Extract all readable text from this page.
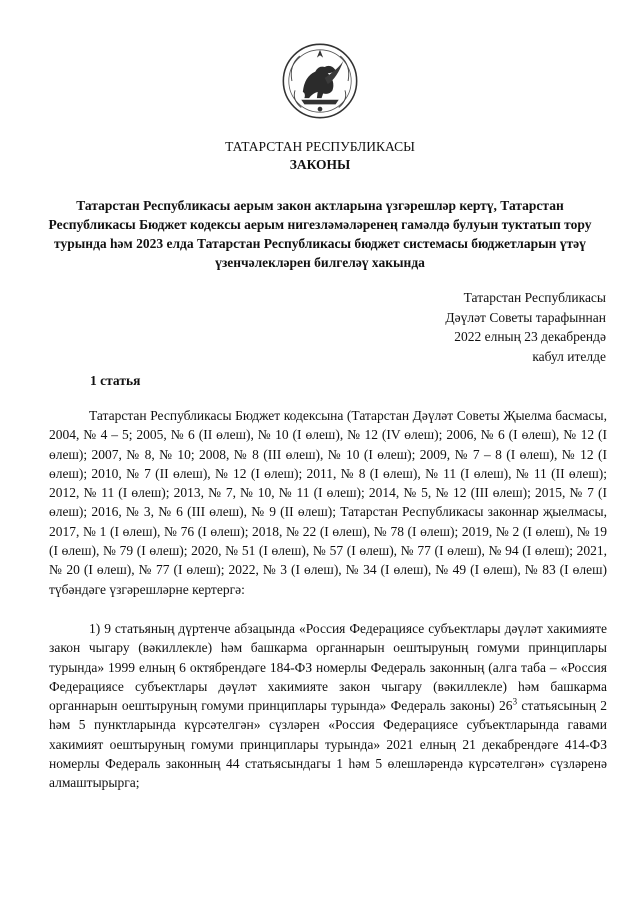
ТАТАРСТАН РЕСПУБЛИКАСЫ
ЗАКОНЫ
Татарстан Республикасы аерым закон актларына үзгәрешләр кертү, Татарстан Республикасы Бюджет кодексы аерым нигезләмәләренең гамәлдә булуын туктатып тору турында һәм 2023 елда Татарстан Республикасы бюджет системасы бюджетларын үтәү үзенчәлекләрен билгеләү хакында
Татарстан Республикасы
Дәүләт Советы тарафыннан
2022 елның 23 декабрендә
кабул ителде
1 статья

Татарстан Республикасы Бюджет кодексына (Татарстан Дәүләт Советы Җыелма басмасы, 2004, № 4 – 5; 2005, № 6 (II өлеш), № 10 (I өлеш), № 12 (IV өлеш); 2006, № 6 (I өлеш), № 12 (I өлеш); 2007, № 8, № 10; 2008, № 8 (III өлеш), № 10 (I өлеш); 2009, № 7 – 8 (I өлеш), № 12 (I өлеш); 2010, № 7 (II өлеш), № 12 (I өлеш); 2011, № 8 (I өлеш), № 11 (I өлеш), № 11 (II өлеш); 2012, № 11 (I өлеш); 2013, № 7, № 10, № 11 (I өлеш); 2014, № 5, № 12 (III өлеш); 2015, № 7 (I өлеш); 2016, № 3, № 6 (III өлеш), № 9 (II өлеш); Татарстан Республикасы законнар җыелмасы, 2017, № 1 (I өлеш), № 76 (I өлеш); 2018, № 22 (I өлеш), № 78 (I өлеш); 2019, № 2 (I өлеш), № 19 (I өлеш), № 79 (I өлеш); 2020, № 51 (I өлеш), № 57 (I өлеш), № 77 (I өлеш), № 94 (I өлеш); 2021, № 20 (I өлеш), № 77 (I өлеш); 2022, № 3 (I өлеш), № 34 (I өлеш), № 49 (I өлеш), № 83 (I өлеш) түбәндәге үзгәрешләрне кертергә:

1) 9 статьяның дүртенче абзацында «Россия Федерациясе субъектлары дәүләт хакимияте закон чыгару (вәкиллекле) һәм башкарма органнарын оештыруның гомуми принциплары турында» 1999 елның 6 октябрендәге 184-ФЗ номерлы Федераль законның (алга таба – «Россия Федерациясе субъектлары дәүләт хакимияте закон чыгару (вәкиллекле) һәм башкарма органнарын оештыруның гомуми принциплары турында» Федераль законы) $26^3$ статьясының 2 һәм 5 пунктларында күрсәтелгән» сүзләрен «Россия Федерациясе субъектларында гавами хакимият оештыруның гомуми принциплары турында» 2021 елның 21 декабрендәге 414-ФЗ номерлы Федераль законның 44 статьясындагы 1 һәм 5 өлешләрендә күрсәтелгән» сүзләренә алмаштырырга;
